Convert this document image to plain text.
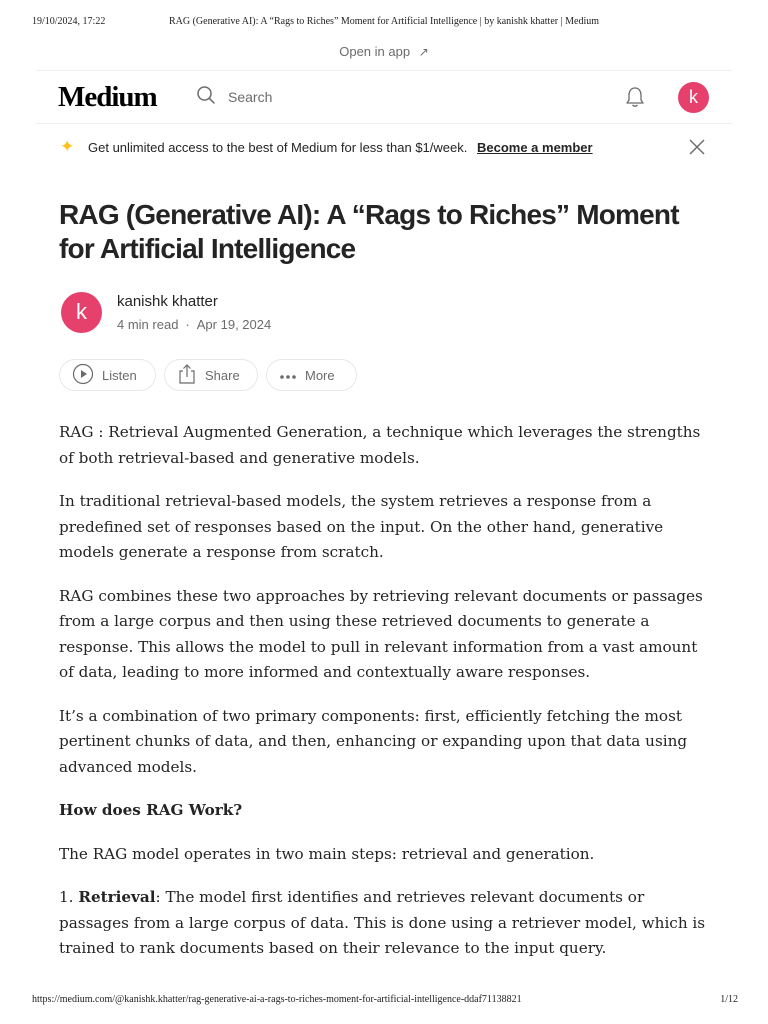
19/10/2024, 17:22	RAG (Generative AI): A “Rags to Riches” Moment for Artificial Intelligence | by kanishk khatter | Medium
Open in app ↗
Medium	Search	k
✦ Get unlimited access to the best of Medium for less than $1/week. Become a member
RAG (Generative AI): A “Rags to Riches” Moment for Artificial Intelligence
k	kanishk khatter
4 min read · Apr 19, 2024
Listen	Share	More

RAG : Retrieval Augmented Generation, a technique which leverages the strengths of both retrieval-based and generative models.

In traditional retrieval-based models, the system retrieves a response from a predefined set of responses based on the input. On the other hand, generative models generate a response from scratch.

RAG combines these two approaches by retrieving relevant documents or passages from a large corpus and then using these retrieved documents to generate a response. This allows the model to pull in relevant information from a vast amount of data, leading to more informed and contextually aware responses.

It’s a combination of two primary components: first, efficiently fetching the most pertinent chunks of data, and then, enhancing or expanding upon that data using advanced models.

How does RAG Work?

The RAG model operates in two main steps: retrieval and generation.

1. Retrieval: The model first identifies and retrieves relevant documents or passages from a large corpus of data. This is done using a retriever model, which is trained to rank documents based on their relevance to the input query.

https://medium.com/@kanishk.khatter/rag-generative-ai-a-rags-to-riches-moment-for-artificial-intelligence-ddaf71138821	1/12
